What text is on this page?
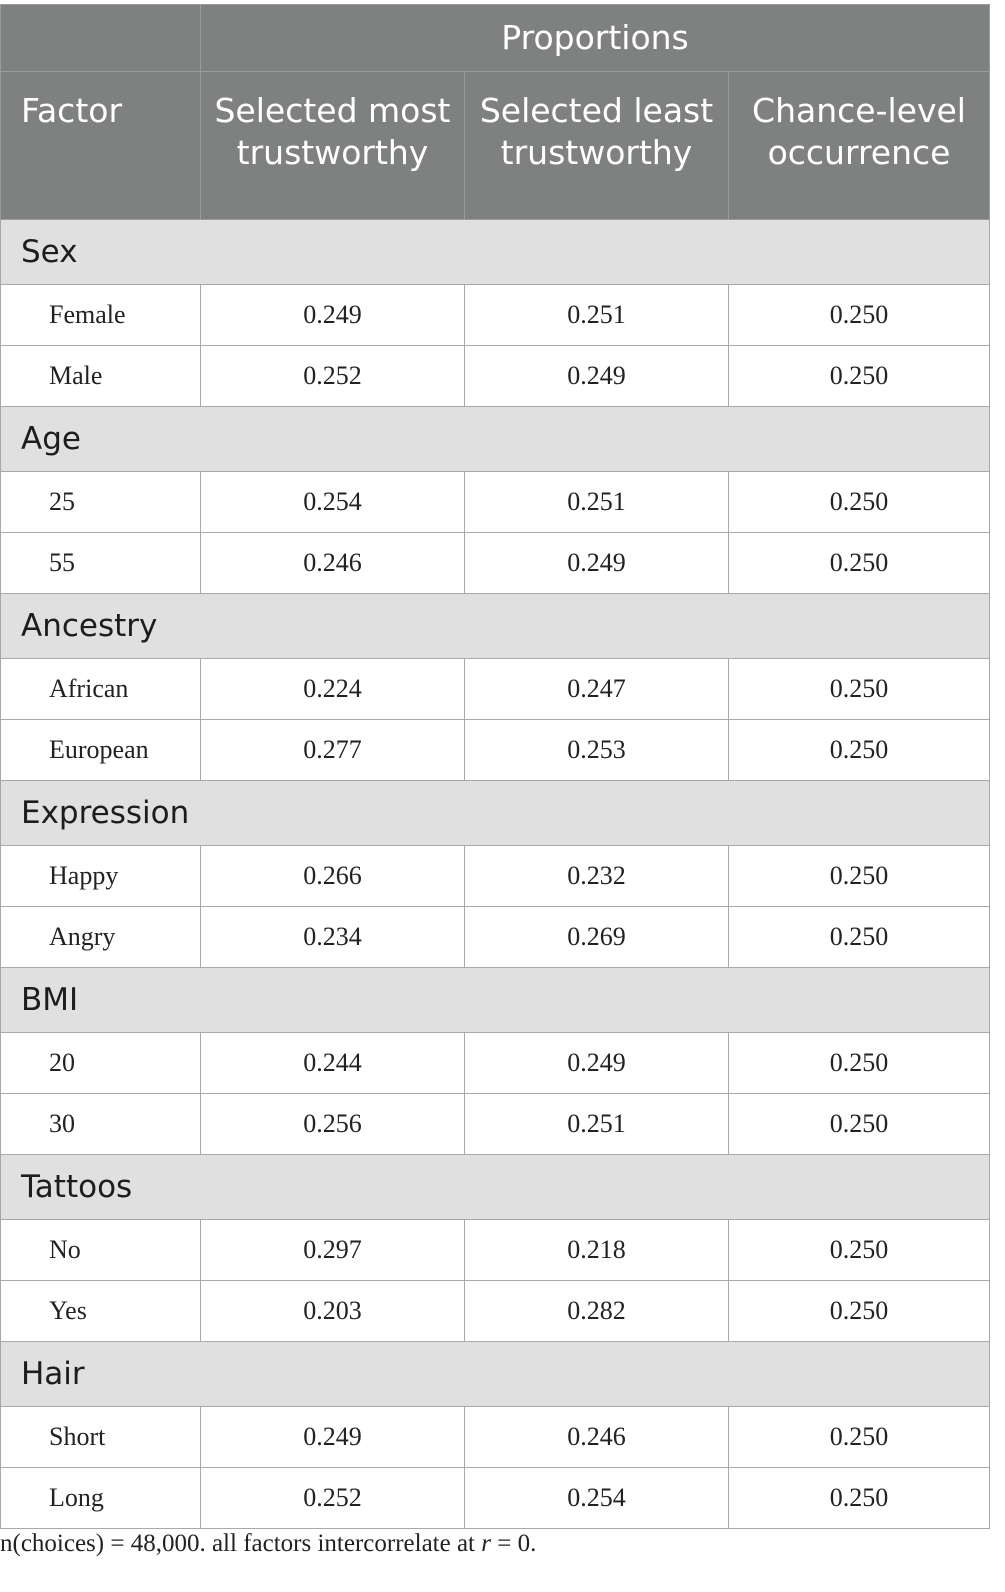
	Proportions		
Factor	Selected most trustworthy	Selected least trustworthy	Chance-level occurrence
Sex			
Female	0.249	0.251	0.250
Male	0.252	0.249	0.250
Age			
25	0.254	0.251	0.250
55	0.246	0.249	0.250
Ancestry			
African	0.224	0.247	0.250
European	0.277	0.253	0.250
Expression			
Happy	0.266	0.232	0.250
Angry	0.234	0.269	0.250
BMI			
20	0.244	0.249	0.250
30	0.256	0.251	0.250
Tattoos			
No	0.297	0.218	0.250
Yes	0.203	0.282	0.250
Hair			
Short	0.249	0.246	0.250
Long	0.252	0.254	0.250
n(choices) = 48,000. all factors intercorrelate at r = 0.
